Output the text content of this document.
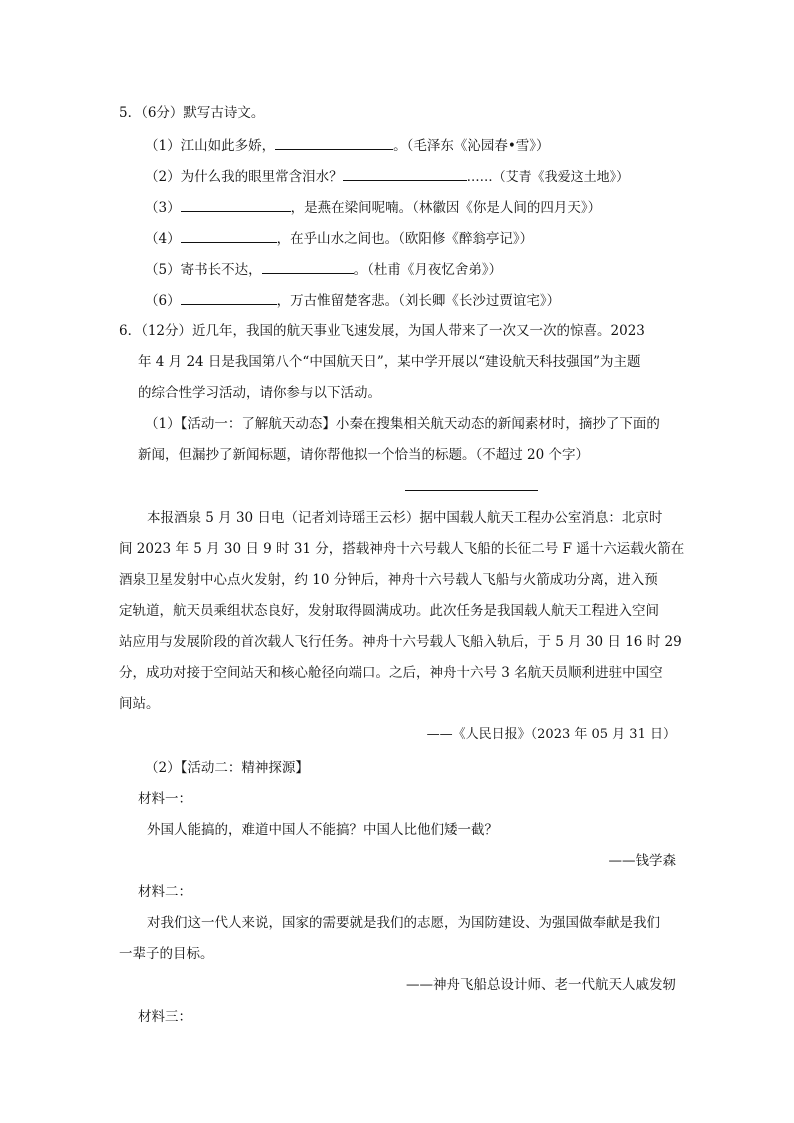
5．（6分）默写古诗文。
（1）江山如此多娇，	。（毛泽东《沁园春•雪》）
（2）为什么我的眼里常含泪水？	……（艾青《我爱这土地》）
（3）	，是燕在梁间呢喃。（林徽因《你是人间的四月天》）
（4）	，在乎山水之间也。（欧阳修《醉翁亭记》）
（5）寄书长不达，	。（杜甫《月夜忆舍弟》）
（6）	，万古惟留楚客悲。（刘长卿《长沙过贾谊宅》）
6．（12分）近几年，我国的航天事业飞速发展，为国人带来了一次又一次的惊喜。2023
年 4 月 24 日是我国第八个“中国航天日”，某中学开展以“建设航天科技强国”为主题
的综合性学习活动，请你参与以下活动。
（1）【活动一：了解航天动态】小秦在搜集相关航天动态的新闻素材时，摘抄了下面的
新闻，但漏抄了新闻标题，请你帮他拟一个恰当的标题。（不超过 20 个字）
本报酒泉 5 月 30 日电（记者刘诗瑶王云杉）据中国载人航天工程办公室消息：北京时
间 2023 年 5 月 30 日 9 时 31 分，搭载神舟十六号载人飞船的长征二号 F 遥十六运载火箭在
酒泉卫星发射中心点火发射，约 10 分钟后，神舟十六号载人飞船与火箭成功分离，进入预
定轨道，航天员乘组状态良好，发射取得圆满成功。此次任务是我国载人航天工程进入空间
站应用与发展阶段的首次载人飞行任务。神舟十六号载人飞船入轨后，于 5 月 30 日 16 时 29
分，成功对接于空间站天和核心舱径向端口。之后，神舟十六号 3 名航天员顺利进驻中国空
间站。
——《人民日报》（2023 年 05 月 31 日）
（2）【活动二：精神探源】
材料一：
外国人能搞的，难道中国人不能搞？中国人比他们矮一截？
——钱学森
材料二：
对我们这一代人来说，国家的需要就是我们的志愿，为国防建设、为强国做奉献是我们
一辈子的目标。
——神舟飞船总设计师、老一代航天人戚发轫
材料三：
